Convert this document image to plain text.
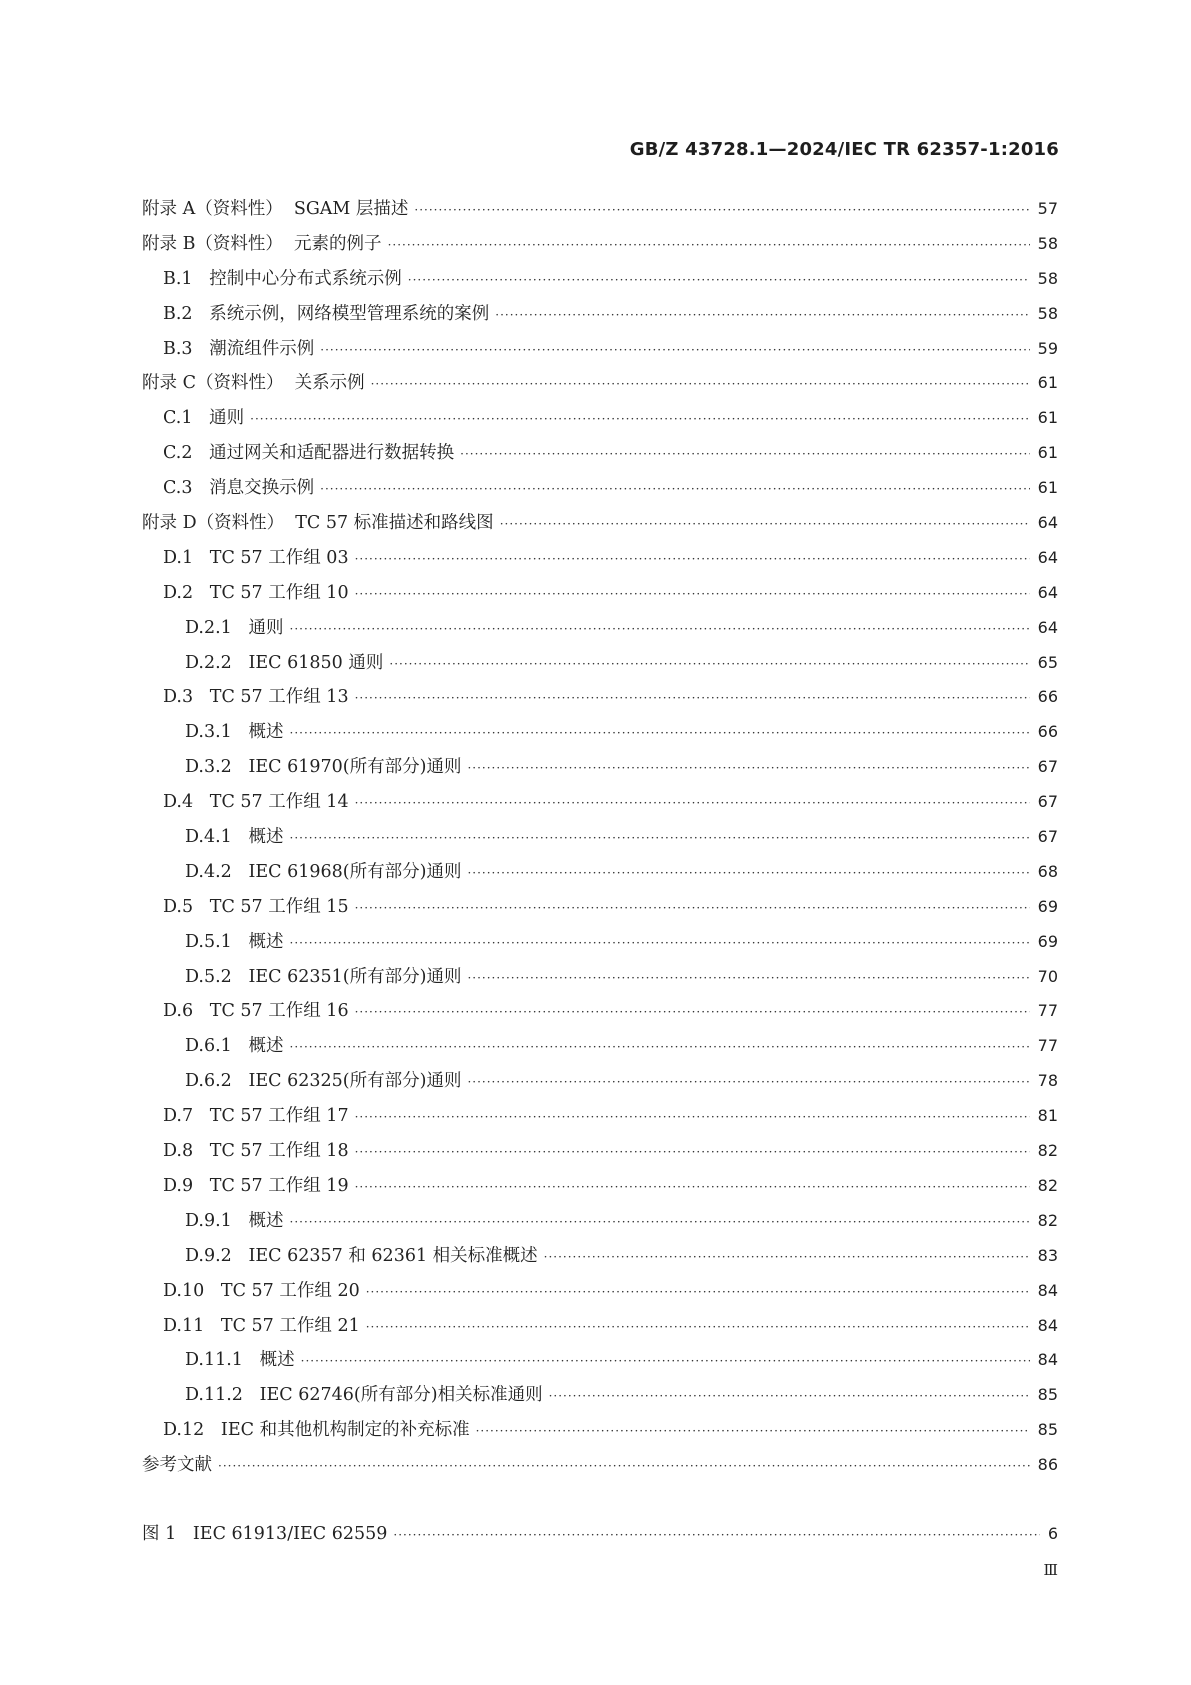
GB/Z 43728.1—2024/IEC TR 62357-1:2016
附录 A（资料性）  SGAM 层描述 ·····	57
附录 B（资料性）  元素的例子 ·····	58
B.1   控制中心分布式系统示例 ·····	58
B.2   系统示例，网络模型管理系统的案例 ·····	58
B.3   潮流组件示例 ·····	59
附录 C（资料性）  关系示例 ·····	61
C.1   通则 ·····	61
C.2   通过网关和适配器进行数据转换 ·····	61
C.3   消息交换示例 ·····	61
附录 D（资料性）  TC 57 标准描述和路线图 ·····	64
D.1   TC 57 工作组 03 ·····	64
D.2   TC 57 工作组 10 ·····	64
D.2.1   通则 ·····	64
D.2.2   IEC 61850 通则 ·····	65
D.3   TC 57 工作组 13 ·····	66
D.3.1   概述 ·····	66
D.3.2   IEC 61970(所有部分)通则 ·····	67
D.4   TC 57 工作组 14 ·····	67
D.4.1   概述 ·····	67
D.4.2   IEC 61968(所有部分)通则 ·····	68
D.5   TC 57 工作组 15 ·····	69
D.5.1   概述 ·····	69
D.5.2   IEC 62351(所有部分)通则 ·····	70
D.6   TC 57 工作组 16 ·····	77
D.6.1   概述 ·····	77
D.6.2   IEC 62325(所有部分)通则 ·····	78
D.7   TC 57 工作组 17 ·····	81
D.8   TC 57 工作组 18 ·····	82
D.9   TC 57 工作组 19 ·····	82
D.9.1   概述 ·····	82
D.9.2   IEC 62357 和 62361 相关标准概述 ·····	83
D.10   TC 57 工作组 20 ·····	84
D.11   TC 57 工作组 21 ·····	84
D.11.1   概述 ·····	84
D.11.2   IEC 62746(所有部分)相关标准通则 ·····	85
D.12   IEC 和其他机构制定的补充标准 ·····	85
参考文献 ·····	86
图 1   IEC 61913/IEC 62559 ·····	6
Ⅲ
